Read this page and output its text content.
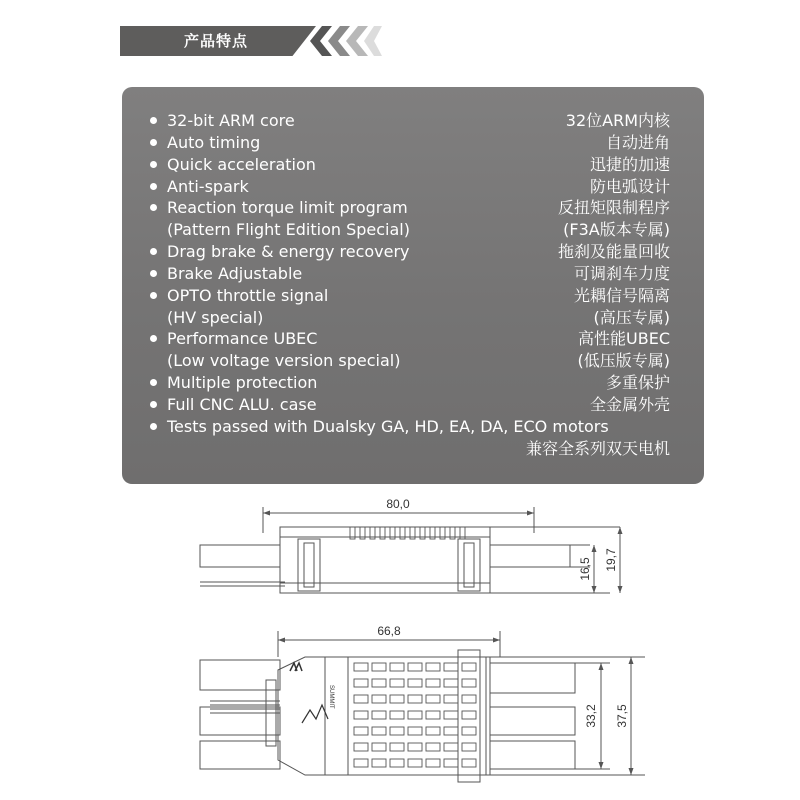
产品特点
32-bit ARM core	32位ARM内核
Auto timing	自动进角
Quick acceleration	迅捷的加速
Anti-spark	防电弧设计
Reaction torque limit program	反扭矩限制程序
(Pattern Flight Edition Special)	(F3A版本专属)
Drag brake & energy recovery	拖刹及能量回收
Brake Adjustable	可调刹车力度
OPTO throttle signal	光耦信号隔离
(HV special)	(高压专属)
Performance UBEC	高性能UBEC
(Low voltage version special)	(低压版专属)
Multiple protection	多重保护
Full CNC ALU. case	全金属外壳
Tests passed with Dualsky GA, HD, EA, DA, ECO motors
兼容全系列双天电机
80,0
16,5 19,7
66,8
33,2 37,5
SUMMIT
